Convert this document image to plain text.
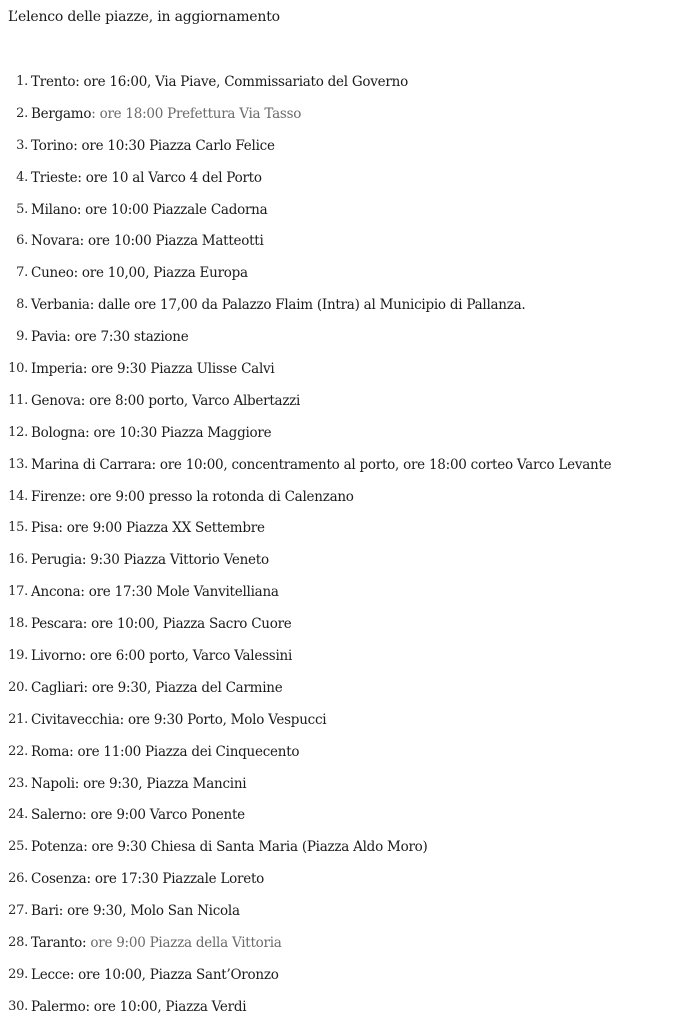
L’elenco delle piazze, in aggiornamento
1. Trento: ore 16:00, Via Piave, Commissariato del Governo
2. Bergamo: ore 18:00 Prefettura Via Tasso
3. Torino: ore 10:30 Piazza Carlo Felice
4. Trieste: ore 10 al Varco 4 del Porto
5. Milano: ore 10:00 Piazzale Cadorna
6. Novara: ore 10:00 Piazza Matteotti
7. Cuneo: ore 10,00, Piazza Europa
8. Verbania: dalle ore 17,00 da Palazzo Flaim (Intra) al Municipio di Pallanza.
9. Pavia: ore 7:30 stazione
10. Imperia: ore 9:30 Piazza Ulisse Calvi
11. Genova: ore 8:00 porto, Varco Albertazzi
12. Bologna: ore 10:30 Piazza Maggiore
13. Marina di Carrara: ore 10:00, concentramento al porto, ore 18:00 corteo Varco Levante
14. Firenze: ore 9:00 presso la rotonda di Calenzano
15. Pisa: ore 9:00 Piazza XX Settembre
16. Perugia: 9:30 Piazza Vittorio Veneto
17. Ancona: ore 17:30 Mole Vanvitelliana
18. Pescara: ore 10:00, Piazza Sacro Cuore
19. Livorno: ore 6:00 porto, Varco Valessini
20. Cagliari: ore 9:30, Piazza del Carmine
21. Civitavecchia: ore 9:30 Porto, Molo Vespucci
22. Roma: ore 11:00 Piazza dei Cinquecento
23. Napoli: ore 9:30, Piazza Mancini
24. Salerno: ore 9:00 Varco Ponente
25. Potenza: ore 9:30 Chiesa di Santa Maria (Piazza Aldo Moro)
26. Cosenza: ore 17:30 Piazzale Loreto
27. Bari: ore 9:30, Molo San Nicola
28. Taranto: ore 9:00 Piazza della Vittoria
29. Lecce: ore 10:00, Piazza Sant’Oronzo
30. Palermo: ore 10:00, Piazza Verdi
